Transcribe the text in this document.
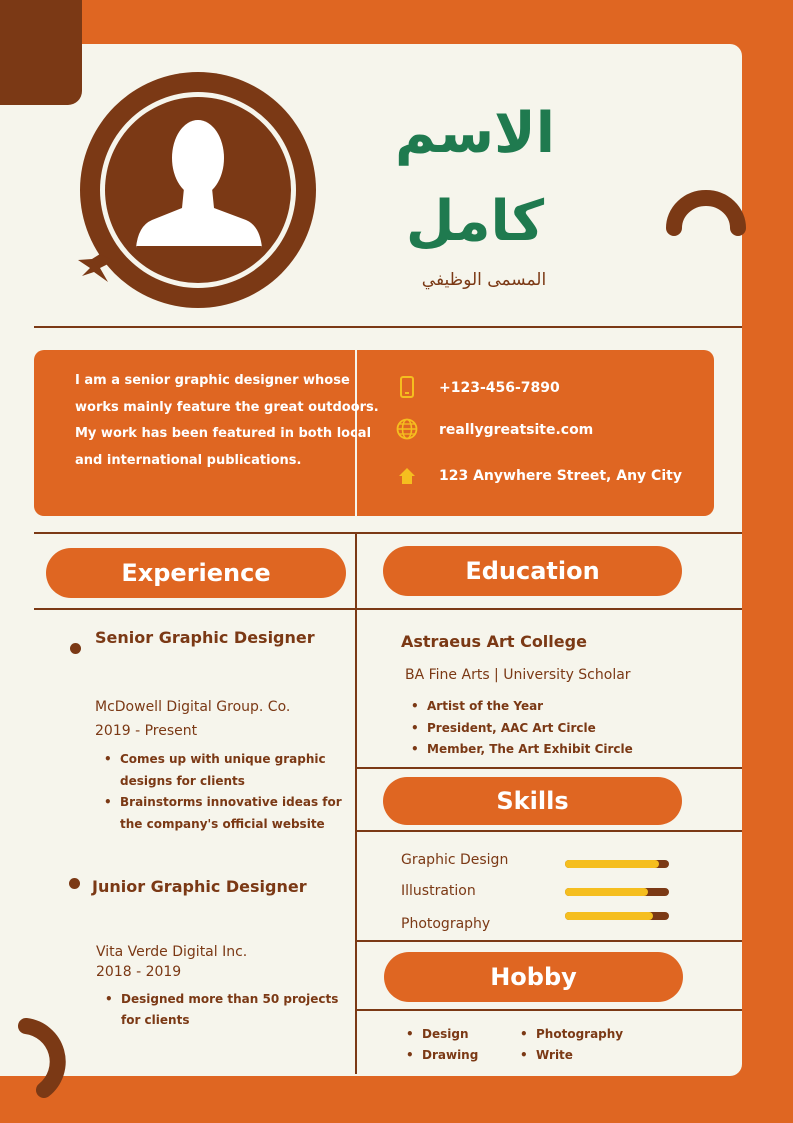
الاسم
كامل
المسمى الوظيفي
I am a senior graphic designer whose
works mainly feature the great outdoors.
My work has been featured in both local
and international publications.
+123-456-7890
reallygreatsite.com
123 Anywhere Street, Any City
Experience	Education
Skills
Hobby
Senior Graphic Designer
McDowell Digital Group. Co.
2019 - Present
• Comes up with unique graphic
designs for clients
• Brainstorms innovative ideas for
the company's official website
Junior Graphic Designer
Vita Verde Digital Inc.
2018 - 2019
• Designed more than 50 projects
for clients
Astraeus Art College
BA Fine Arts | University Scholar
• Artist of the Year
• President, AAC Art Circle
• Member, The Art Exhibit Circle
Graphic Design
Illustration
Photography
• Design
• Drawing
• Photography
• Write
